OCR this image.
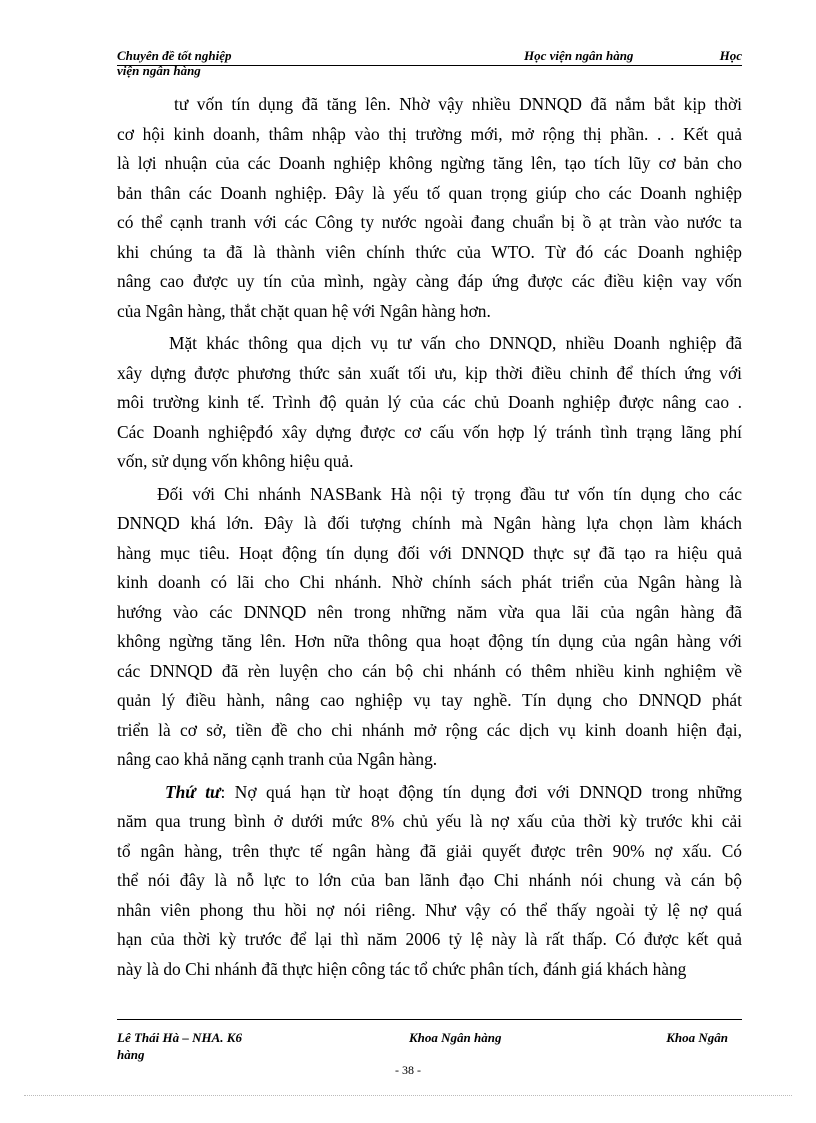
Chuyên đề tốt nghiệp	Học viện ngân hàng	Học
viện ngân hàng
tư vốn tín dụng đã tăng lên. Nhờ vậy nhiều DNNQD đã nắm bắt kịp thời
cơ hội kinh doanh, thâm nhập vào thị trường mới, mở rộng thị phần. . . Kết quả
là lợi nhuận của các Doanh nghiệp không ngừng tăng lên, tạo tích lũy cơ bản cho
bản thân các Doanh nghiệp. Đây là yếu tố quan trọng giúp cho các Doanh nghiệp
có thể cạnh tranh với các Công ty nước ngoài đang chuẩn bị ồ ạt tràn vào nước ta
khi chúng ta đã là thành viên chính thức của WTO. Từ đó các Doanh nghiệp
nâng cao được uy tín của mình, ngày càng đáp ứng được các điều kiện vay vốn
của Ngân hàng, thắt chặt quan hệ với Ngân hàng hơn.
Mặt khác thông qua dịch vụ tư vấn cho DNNQD, nhiều Doanh nghiệp đã
xây dựng được phương thức sản xuất tối ưu, kịp thời điều chỉnh để thích ứng với
môi trường kinh tế. Trình độ quản lý của các chủ Doanh nghiệp được nâng cao .
Các Doanh nghiệpđó xây dựng được cơ cấu vốn hợp lý tránh tình trạng lãng phí
vốn, sử dụng vốn không hiệu quả.
Đối với Chi nhánh NASBank Hà nội tỷ trọng đầu tư vốn tín dụng cho các
DNNQD khá lớn. Đây là đối tượng chính mà Ngân hàng lựa chọn làm khách
hàng mục tiêu. Hoạt động tín dụng đối với DNNQD thực sự đã tạo ra hiệu quả
kinh doanh có lãi cho Chi nhánh. Nhờ chính sách phát triển của Ngân hàng là
hướng vào các DNNQD nên trong những năm vừa qua lãi của ngân hàng đã
không ngừng tăng lên. Hơn nữa thông qua hoạt động tín dụng của ngân hàng với
các DNNQD đã rèn luyện cho cán bộ chi nhánh có thêm nhiều kinh nghiệm về
quản lý điều hành, nâng cao nghiệp vụ tay nghề. Tín dụng cho DNNQD phát
triển là cơ sở, tiền đề cho chi nhánh mở rộng các dịch vụ kinh doanh hiện đại,
nâng cao khả năng cạnh tranh của Ngân hàng.
Thứ tư: Nợ quá hạn từ hoạt động tín dụng đơi với DNNQD trong những
năm qua trung bình ở dưới mức 8% chủ yếu là nợ xấu của thời kỳ trước khi cải
tổ ngân hàng, trên thực tế ngân hàng đã giải quyết được trên 90% nợ xấu. Có
thể nói đây là nỗ lực to lớn của ban lãnh đạo Chi nhánh nói chung và cán bộ
nhân viên phong thu hồi nợ nói riêng. Như vậy có thể thấy ngoài tỷ lệ nợ quá
hạn của thời kỳ trước để lại thì năm 2006 tỷ lệ này là rất thấp. Có được kết quả
này là do Chi nhánh đã thực hiện công tác tổ chức phân tích, đánh giá khách hàng
Lê Thái Hà – NHA. K6	Khoa Ngân hàng	Khoa Ngân
hàng
- 38 -
